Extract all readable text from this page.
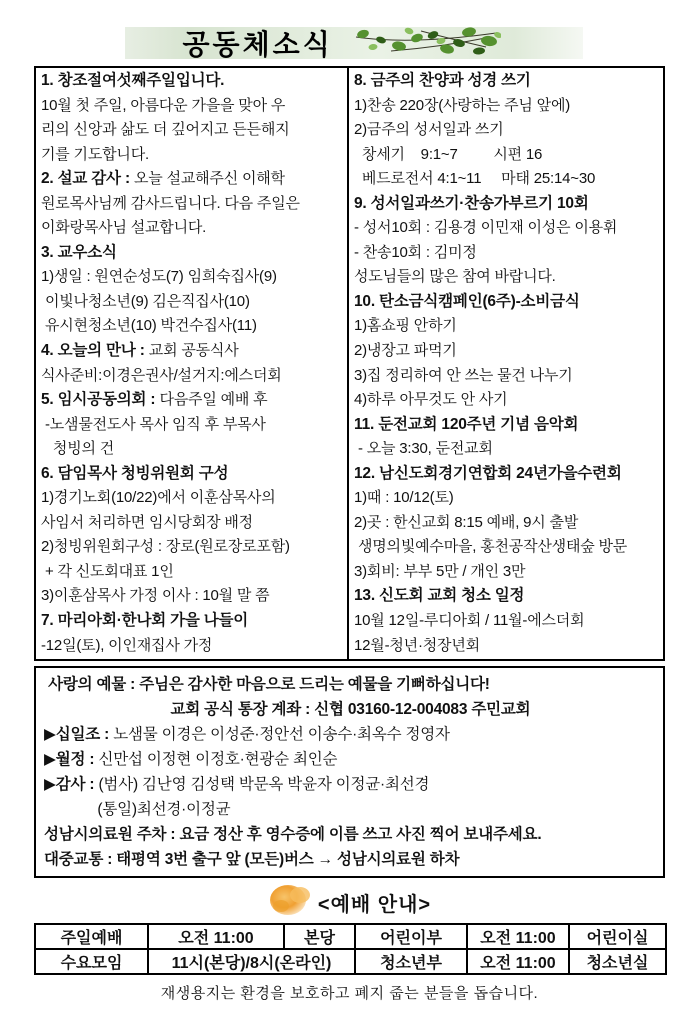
공동체소식
1. 창조절여섯째주일입니다.
10월 첫 주일, 아름다운 가을을 맞아 우
리의 신앙과 삶도 더 깊어지고 든든해지
기를 기도합니다.
2. 설교 감사 : 오늘 설교해주신 이해학
원로목사님께 감사드립니다. 다음 주일은
이화랑목사님 설교합니다.
3. 교우소식
1)생일 : 원연순성도(7) 임희숙집사(9)
이빛나청소년(9) 김은직집사(10)
유시현청소년(10) 박건수집사(11)
4. 오늘의 만나 : 교회 공동식사
식사준비:이경은권사/설거지:에스더회
5. 임시공동의회 : 다음주일 예배 후
-노샘물전도사 목사 임직 후 부목사
청빙의 건
6. 담임목사 청빙위원회 구성
1)경기노회(10/22)에서 이훈삼목사의
사임서 처리하면 임시당회장 배정
2)청빙위원회구성 : 장로(원로장로포함)
+ 각 신도회대표 1인
3)이훈삼목사 가정 이사 : 10월 말 쯤
7. 마리아회·한나회 가을 나들이
-12일(토), 이인재집사 가정
8. 금주의 찬양과 성경 쓰기
1)찬송 220장(사랑하는 주님 앞에)
2)금주의 성서일과 쓰기
창세기    9:1~7         시편 16
베드로전서 4:1~11     마태 25:14~30
9. 성서일과쓰기·찬송가부르기 10회
- 성서10회 : 김용경 이민재 이성은 이용휘
- 찬송10회 : 김미정
성도님들의 많은 참여 바랍니다.
10. 탄소금식캠페인(6주)-소비금식
1)홈쇼핑 안하기
2)냉장고 파먹기
3)집 정리하여 안 쓰는 물건 나누기
4)하루 아무것도 안 사기
11. 둔전교회 120주년 기념 음악회
- 오늘 3:30, 둔전교회
12. 남신도회경기연합회 24년가을수련회
1)때 : 10/12(토)
2)곳 : 한신교회 8:15 예배, 9시 출발
생명의빛예수마을, 홍천공작산생태숲 방문
3)회비: 부부 5만 / 개인 3만
13. 신도회 교회 청소 일정
10월 12일-루디아회 / 11월-에스더회
12월-청년·청장년회
사랑의 예물 : 주님은 감사한 마음으로 드리는 예물을 기뻐하십니다!
교회 공식 통장 계좌 : 신협 03160-12-004083 주민교회
▶십일조 : 노샘물 이경은 이성준·정안선 이송수·최옥수 정영자
▶월정 : 신만섭 이정현 이정호·현광순 최인순
▶감사 : (범사) 김난영 김성택 박문옥 박윤자 이정균·최선경
(통일)최선경·이정균
성남시의료원 주차 : 요금 정산 후 영수증에 이름 쓰고 사진 찍어 보내주세요.
대중교통 : 태평역 3번 출구 앞 (모든)버스 → 성남시의료원 하차
<예배 안내>
주일예배	오전 11:00	본당	어린이부	오전 11:00	어린이실
수요모임	11시(본당)/8시(온라인)		청소년부	오전 11:00	청소년실
재생용지는 환경을 보호하고 폐지 줍는 분들을 돕습니다.
